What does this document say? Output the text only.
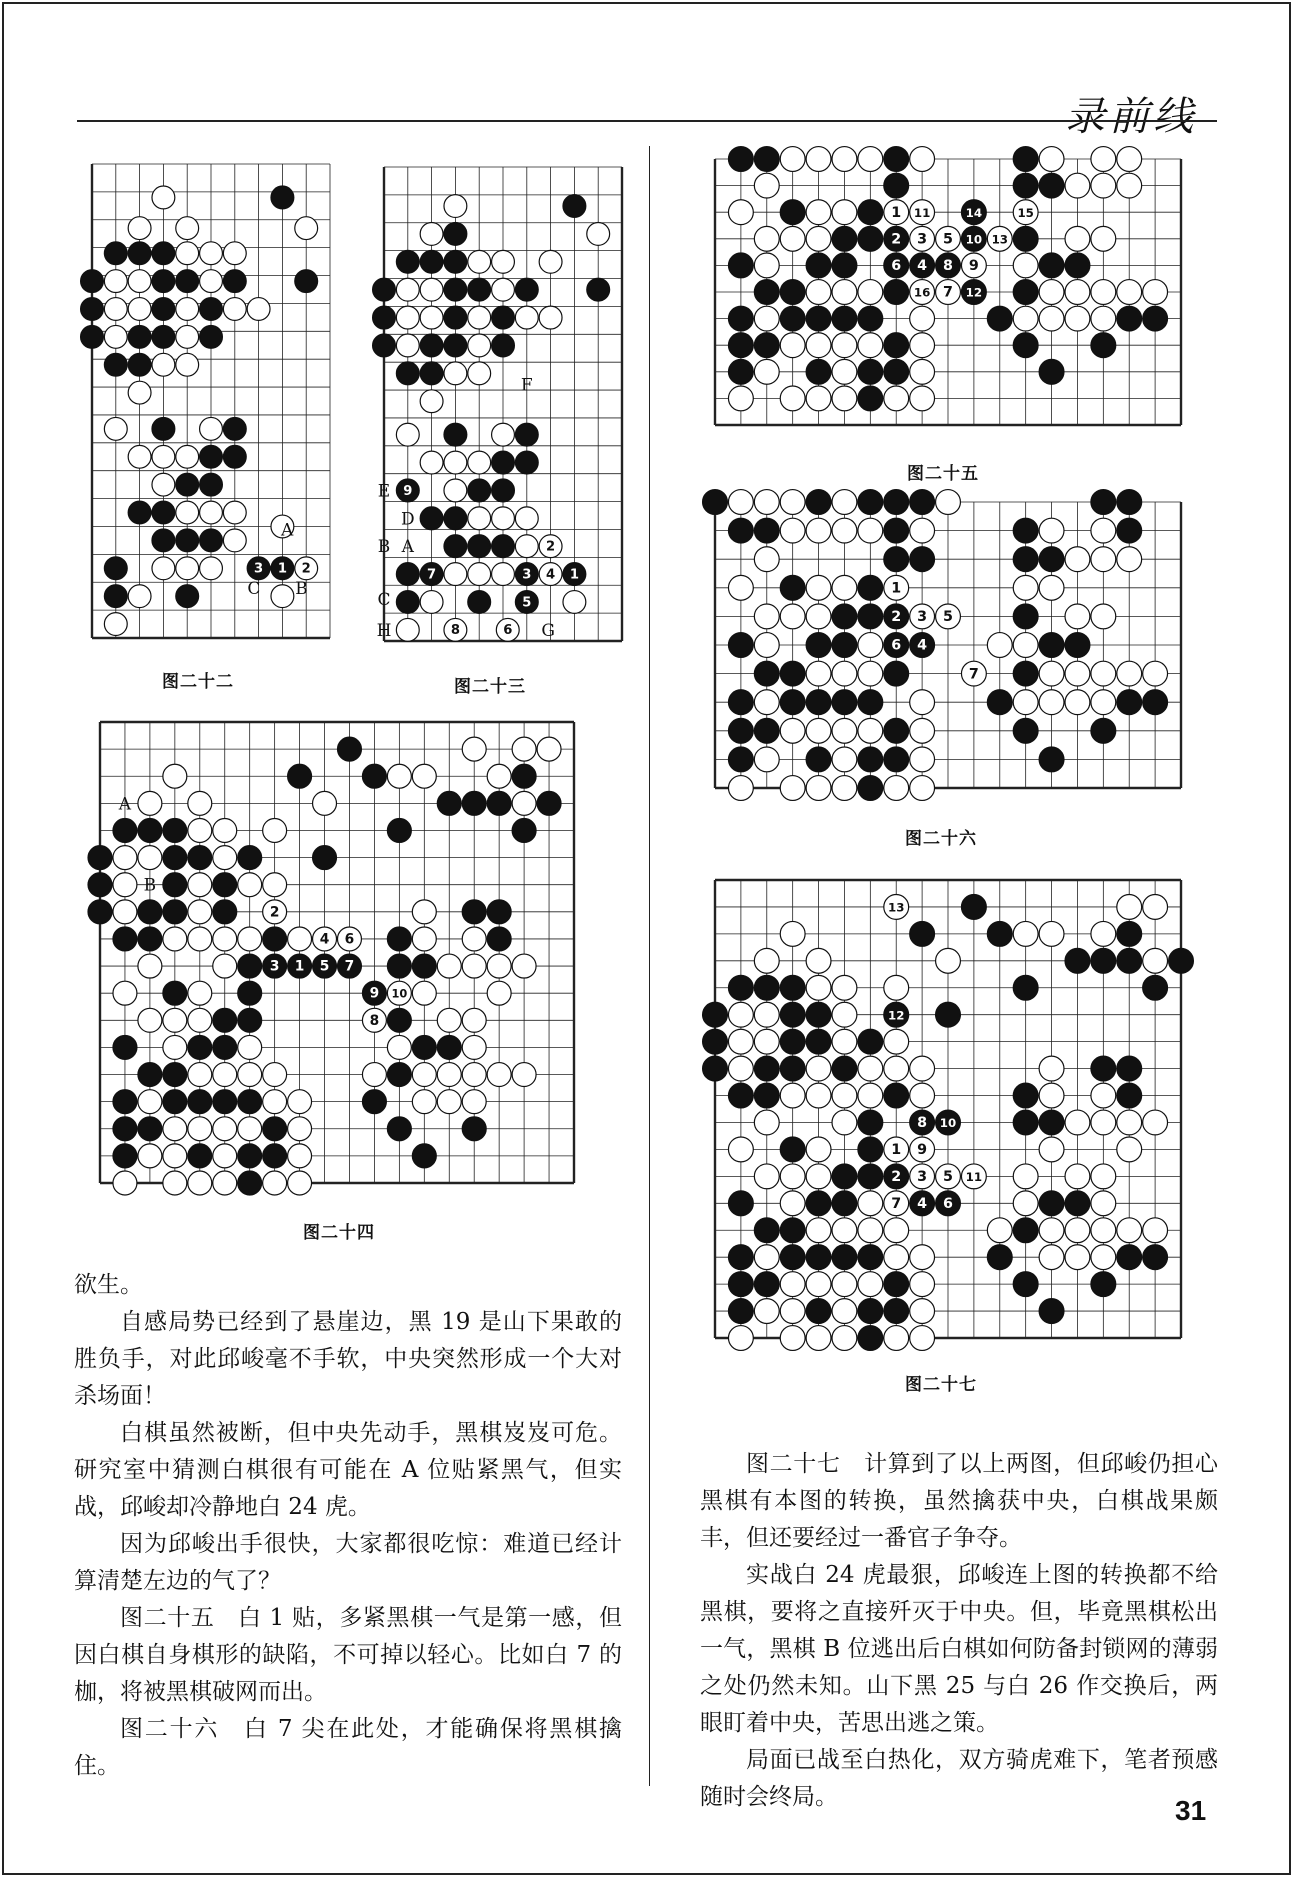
录前线
3 1 2
A
B
C
图二十二
9
2
7	3 4 1
5
8	6
F
E
D
B A
C
H	G
图二十三
2
4 6
3 1 5 7
9 10
8
A
B
图二十四
1 11	14	15
2 3 5 10 13
6 4 8 9
16 7 12
图二十五
1
2 3 5
6 4
7
图二十六
13
12
8 10
1 9
2 3 5 11
7 4 6
图二十七

欲生。

自感局势已经到了悬崖边，黑 19 是山下果敢的胜负手，对此邱峻毫不手软，中央突然形成一个大对杀场面！

白棋虽然被断，但中央先动手，黑棋岌岌可危。研究室中猜测白棋很有可能在 A 位贴紧黑气，但实战，邱峻却冷静地白 24 虎。

因为邱峻出手很快，大家都很吃惊：难道已经计算清楚左边的气了？

图二十五　白 1 贴，多紧黑棋一气是第一感，但因白棋自身棋形的缺陷，不可掉以轻心。比如白 7 的枷，将被黑棋破网而出。

图二十六　白 7 尖在此处，才能确保将黑棋擒住。

图二十七　计算到了以上两图，但邱峻仍担心黑棋有本图的转换，虽然擒获中央，白棋战果颇丰，但还要经过一番官子争夺。

实战白 24 虎最狠，邱峻连上图的转换都不给黑棋，要将之直接歼灭于中央。但，毕竟黑棋松出一气，黑棋 B 位逃出后白棋如何防备封锁网的薄弱之处仍然未知。山下黑 25 与白 26 作交换后，两眼盯着中央，苦思出逃之策。

局面已战至白热化，双方骑虎难下，笔者预感随时会终局。	31
